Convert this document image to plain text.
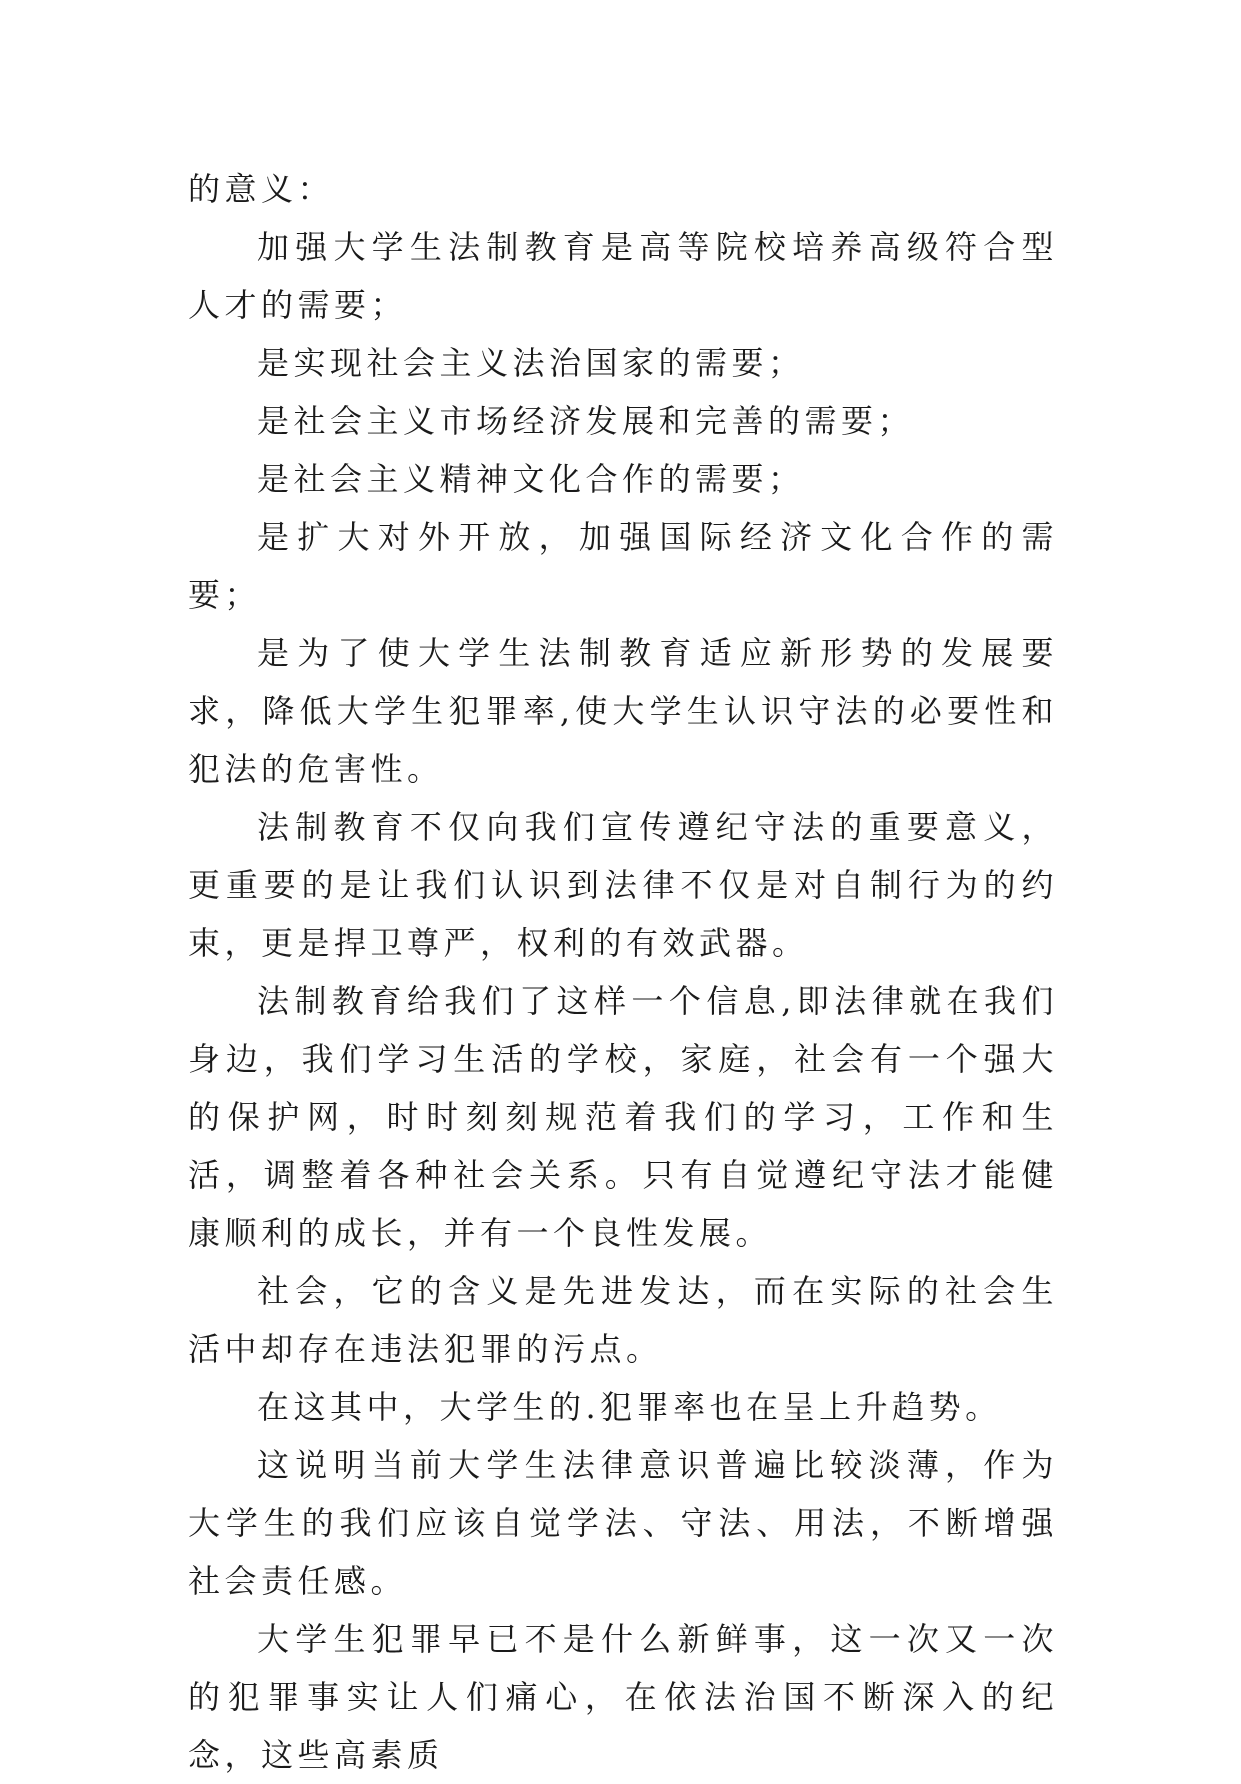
的意义：

加强大学生法制教育是高等院校培养高级符合型人才的需要；

是实现社会主义法治国家的需要；

是社会主义市场经济发展和完善的需要；

是社会主义精神文化合作的需要；

是扩大对外开放，加强国际经济文化合作的需要；

是为了使大学生法制教育适应新形势的发展要求，降低大学生犯罪率,使大学生认识守法的必要性和犯法的危害性。

法制教育不仅向我们宣传遵纪守法的重要意义，更重要的是让我们认识到法律不仅是对自制行为的约束，更是捍卫尊严，权利的有效武器。

法制教育给我们了这样一个信息,即法律就在我们身边，我们学习生活的学校，家庭，社会有一个强大的保护网，时时刻刻规范着我们的学习，工作和生活，调整着各种社会关系。只有自觉遵纪守法才能健康顺利的成长，并有一个良性发展。

社会，它的含义是先进发达，而在实际的社会生活中却存在违法犯罪的污点。

在这其中，大学生的.犯罪率也在呈上升趋势。

这说明当前大学生法律意识普遍比较淡薄，作为大学生的我们应该自觉学法、守法、用法，不断增强社会责任感。

大学生犯罪早已不是什么新鲜事，这一次又一次的犯罪事实让人们痛心，在依法治国不断深入的纪念，这些高素质
